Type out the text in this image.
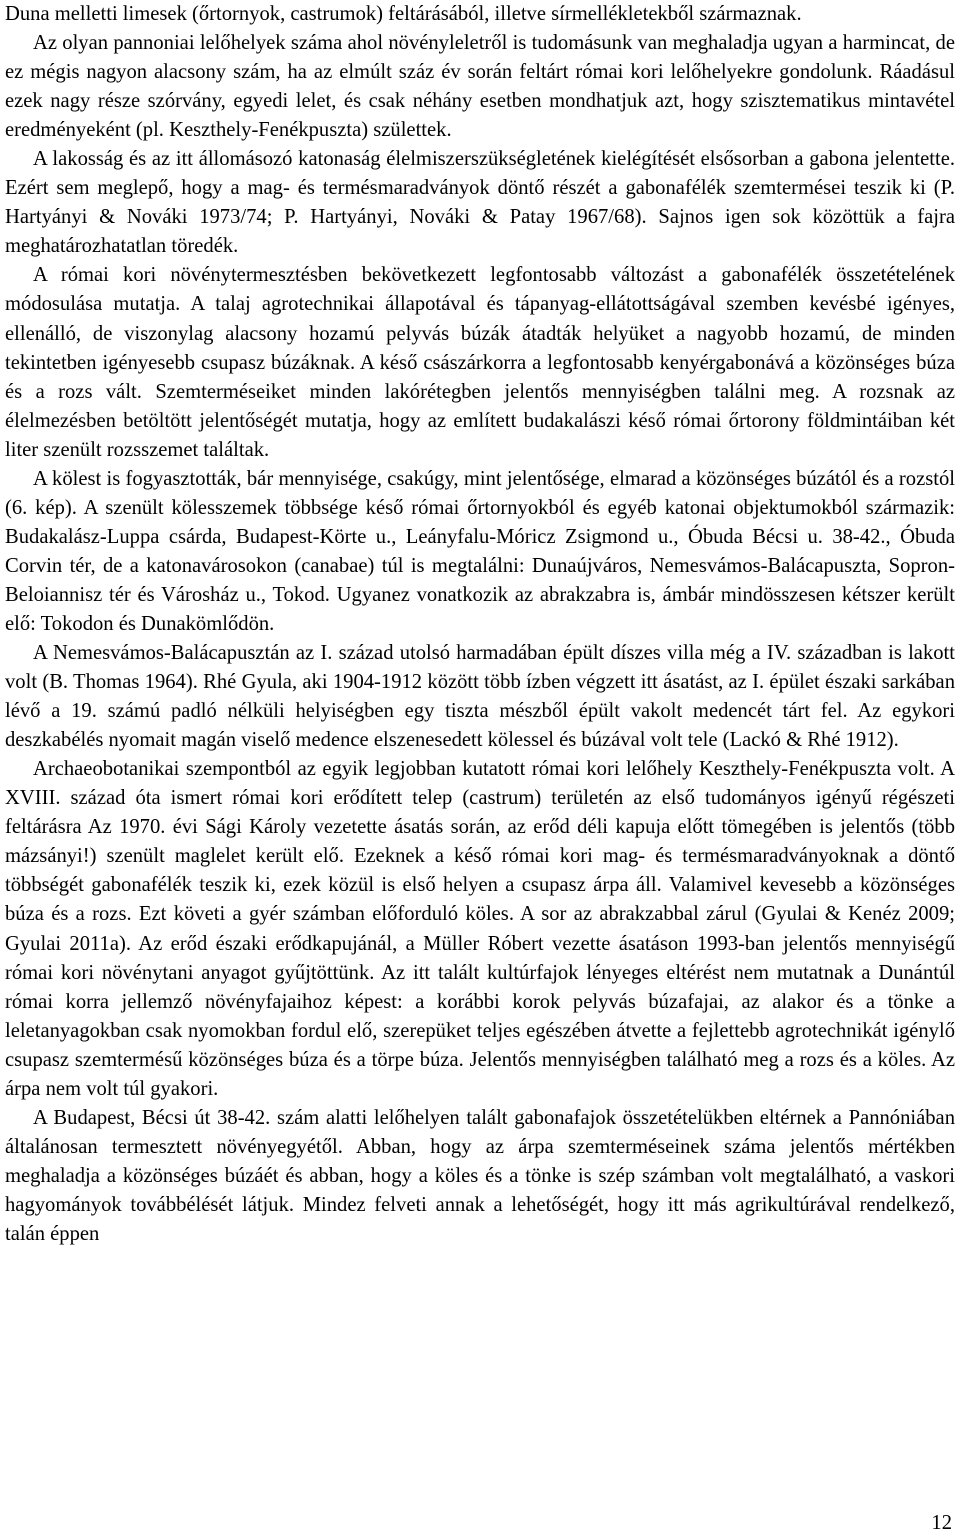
Duna melletti limesek (őrtornyok, castrumok) feltárásából, illetve sírmellékletekből származnak.

Az olyan pannoniai lelőhelyek száma ahol növényleletről is tudomásunk van meghaladja ugyan a harmincat, de ez mégis nagyon alacsony szám, ha az elmúlt száz év során feltárt római kori lelőhelyekre gondolunk. Ráadásul ezek nagy része szórvány, egyedi lelet, és csak néhány esetben mondhatjuk azt, hogy szisztematikus mintavétel eredményeként (pl. Keszthely-Fenékpuszta) születtek.

A lakosság és az itt állomásozó katonaság élelmiszerszükségletének kielégítését elsősorban a gabona jelentette. Ezért sem meglepő, hogy a mag- és termésmaradványok döntő részét a gabonafélék szemtermései teszik ki (P. Hartyányi & Nováki 1973/74; P. Hartyányi, Nováki & Patay 1967/68). Sajnos igen sok közöttük a fajra meghatározhatatlan töredék.

A római kori növénytermesztésben bekövetkezett legfontosabb változást a gabonafélék összetételének módosulása mutatja. A talaj agrotechnikai állapotával és tápanyag-ellátottságával szemben kevésbé igényes, ellenálló, de viszonylag alacsony hozamú pelyvás búzák átadták helyüket a nagyobb hozamú, de minden tekintetben igényesebb csupasz búzáknak. A késő császárkorra a legfontosabb kenyérgabonává a közönséges búza és a rozs vált. Szemterméseiket minden lakórétegben jelentős mennyiségben találni meg. A rozsnak az élelmezésben betöltött jelentőségét mutatja, hogy az említett budakalászi késő római őrtorony földmintáiban két liter szenült rozsszemet találtak.

A kölest is fogyasztották, bár mennyisége, csakúgy, mint jelentősége, elmarad a közönséges búzától és a rozstól (6. kép). A szenült kölesszemek többsége késő római őrtornyokból és egyéb katonai objektumokból származik: Budakalász-Luppa csárda, Budapest-Körte u., Leányfalu-Móricz Zsigmond u., Óbuda Bécsi u. 38-42., Óbuda Corvin tér, de a katonavárosokon (canabae) túl is megtalálni: Dunaújváros, Nemesvámos-Balácapuszta, Sopron-Beloiannisz tér és Városház u., Tokod. Ugyanez vonatkozik az abrakzabra is, ámbár mindösszesen kétszer került elő: Tokodon és Dunakömlődön.

A Nemesvámos-Balácapusztán az I. század utolsó harmadában épült díszes villa még a IV. században is lakott volt (B. Thomas 1964). Rhé Gyula, aki 1904-1912 között több ízben végzett itt ásatást, az I. épület északi sarkában lévő a 19. számú padló nélküli helyiségben egy tiszta mészből épült vakolt medencét tárt fel. Az egykori deszkabélés nyomait magán viselő medence elszenesedett kölessel és búzával volt tele (Lackó & Rhé 1912).

Archaeobotanikai szempontból az egyik legjobban kutatott római kori lelőhely Keszthely-Fenékpuszta volt. A XVIII. század óta ismert római kori erődített telep (castrum) területén az első tudományos igényű régészeti feltárásra Az 1970. évi Sági Károly vezetette ásatás során, az erőd déli kapuja előtt tömegében is jelentős (több mázsányi!) szenült maglelet került elő. Ezeknek a késő római kori mag- és termésmaradványoknak a döntő többségét gabonafélék teszik ki, ezek közül is első helyen a csupasz árpa áll. Valamivel kevesebb a közönséges búza és a rozs. Ezt követi a gyér számban előforduló köles. A sor az abrakzabbal zárul (Gyulai & Kenéz 2009; Gyulai 2011a). Az erőd északi erődkapujánál, a Müller Róbert vezette ásatáson 1993-ban jelentős mennyiségű római kori növénytani anyagot gyűjtöttünk. Az itt talált kultúrfajok lényeges eltérést nem mutatnak a Dunántúl római korra jellemző növényfajaihoz képest: a korábbi korok pelyvás búzafajai, az alakor és a tönke a leletanyagokban csak nyomokban fordul elő, szerepüket teljes egészében átvette a fejlettebb agrotechnikát igénylő csupasz szemtermésű közönséges búza és a törpe búza. Jelentős mennyiségben található meg a rozs és a köles. Az árpa nem volt túl gyakori.

A Budapest, Bécsi út 38-42. szám alatti lelőhelyen talált gabonafajok összetételükben eltérnek a Pannóniában általánosan termesztett növényegyétől. Abban, hogy az árpa szemterméseinek száma jelentős mértékben meghaladja a közönséges búzáét és abban, hogy a köles és a tönke is szép számban volt megtalálható, a vaskori hagyományok továbbélését látjuk. Mindez felveti annak a lehetőségét, hogy itt más agrikultúrával rendelkező, talán éppen

12
